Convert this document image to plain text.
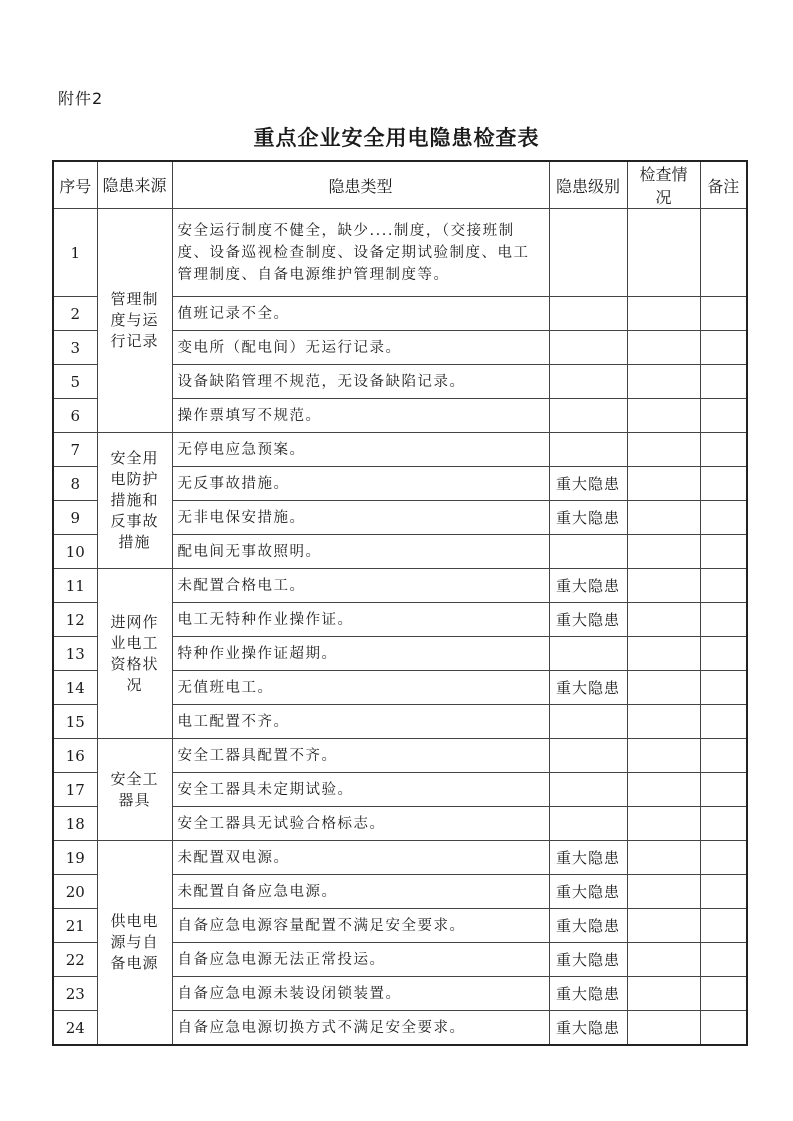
附件2
重点企业安全用电隐患检查表
序号	隐患来源	隐患类型	隐患级别	检查情况	备注
1	管理制度与运行记录	安全运行制度不健全，缺少....制度，（交接班制度、设备巡视检查制度、设备定期试验制度、电工管理制度、自备电源维护管理制度等。			
2		值班记录不全。			
3		变电所（配电间）无运行记录。			
5		设备缺陷管理不规范，无设备缺陷记录。			
6		操作票填写不规范。			
7	安全用电防护措施和反事故措施	无停电应急预案。			
8		无反事故措施。	重大隐患		
9		无非电保安措施。	重大隐患		
10		配电间无事故照明。			
11	进网作业电工资格状况	未配置合格电工。	重大隐患		
12		电工无特种作业操作证。	重大隐患		
13		特种作业操作证超期。			
14		无值班电工。	重大隐患		
15		电工配置不齐。			
16	安全工器具	安全工器具配置不齐。			
17		安全工器具未定期试验。			
18		安全工器具无试验合格标志。			
19	供电电源与自备电源	未配置双电源。	重大隐患		
20		未配置自备应急电源。	重大隐患		
21		自备应急电源容量配置不满足安全要求。	重大隐患		
22		自备应急电源无法正常投运。	重大隐患		
23		自备应急电源未装设闭锁装置。	重大隐患		
24		自备应急电源切换方式不满足安全要求。	重大隐患		
